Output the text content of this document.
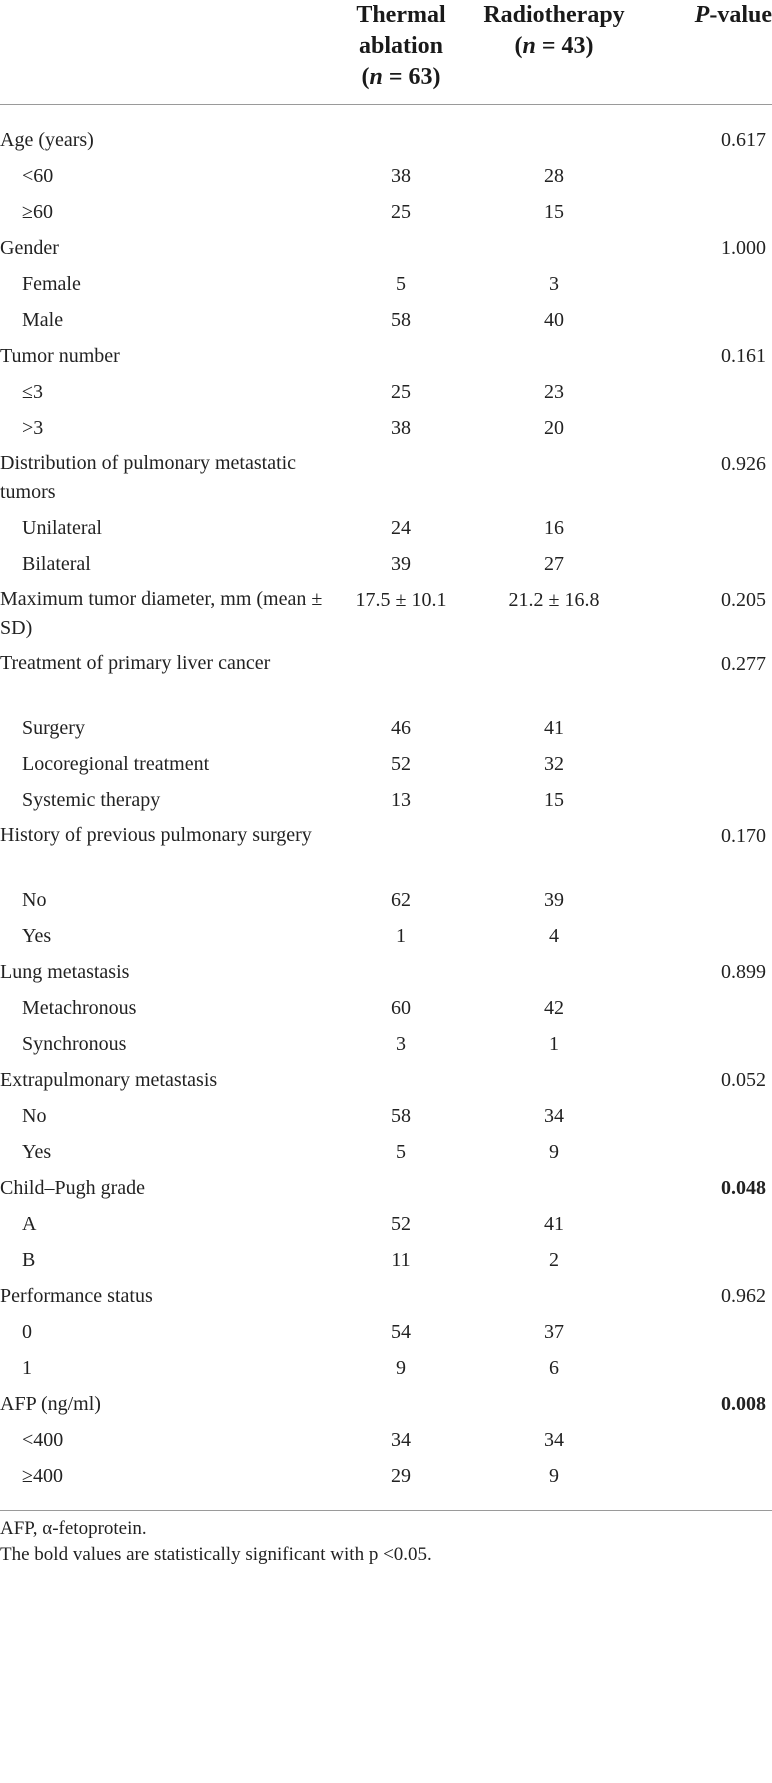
	Thermal
ablation
(n = 63)	Radiotherapy
(n = 43)	P-value
Age (years)			0.617
<60	38	28	
≥60	25	15	
Gender			1.000
Female	5	3	
Male	58	40	
Tumor number			0.161
≤3	25	23	
>3	38	20	
Distribution of pulmonary metastatic tumors			0.926
Unilateral	24	16	
Bilateral	39	27	
Maximum tumor diameter, mm (mean ± SD)	17.5 ± 10.1	21.2 ± 16.8	0.205
Treatment of primary liver cancer			0.277
Surgery	46	41	
Locoregional treatment	52	32	
Systemic therapy	13	15	
History of previous pulmonary surgery			0.170
No	62	39	
Yes	1	4	
Lung metastasis			0.899
Metachronous	60	42	
Synchronous	3	1	
Extrapulmonary metastasis			0.052
No	58	34	
Yes	5	9	
Child–Pugh grade			0.048
A	52	41	
B	11	2	
Performance status			0.962
0	54	37	
1	9	6	
AFP (ng/ml)			0.008
<400	34	34	
≥400	29	9	
AFP, α-fetoprotein.
The bold values are statistically significant with p <0.05.
